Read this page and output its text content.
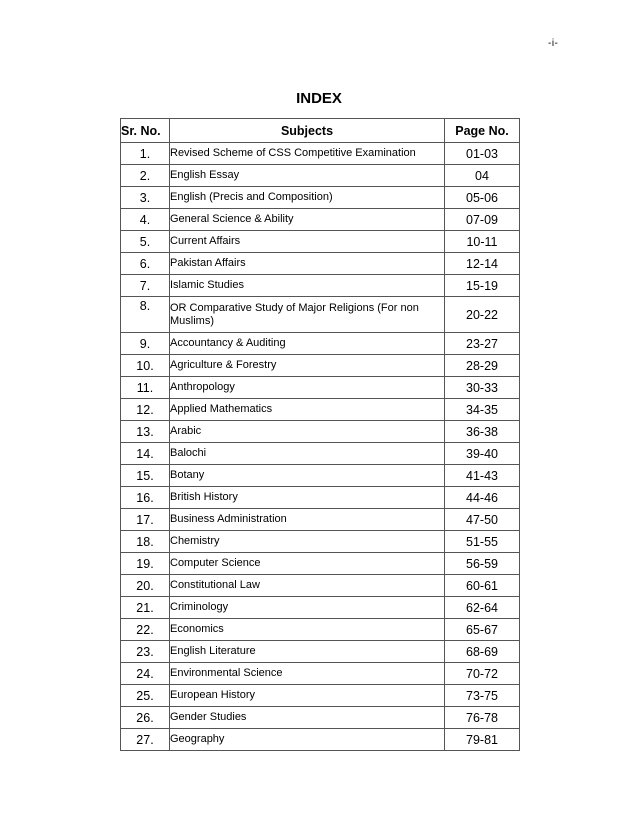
-i-
INDEX
Sr. No.	Subjects	Page No.
1.	Revised Scheme of CSS Competitive Examination	01-03
2.	English Essay	04
3.	English (Precis and Composition)	05-06
4.	General Science & Ability	07-09
5.	Current Affairs	10-11
6.	Pakistan Affairs	12-14
7.	Islamic Studies	15-19
8.	OR Comparative Study of Major Religions (For non Muslims)	20-22
9.	Accountancy & Auditing	23-27
10.	Agriculture & Forestry	28-29
11.	Anthropology	30-33
12.	Applied Mathematics	34-35
13.	Arabic	36-38
14.	Balochi	39-40
15.	Botany	41-43
16.	British History	44-46
17.	Business Administration	47-50
18.	Chemistry	51-55
19.	Computer Science	56-59
20.	Constitutional Law	60-61
21.	Criminology	62-64
22.	Economics	65-67
23.	English Literature	68-69
24.	Environmental Science	70-72
25.	European History	73-75
26.	Gender Studies	76-78
27.	Geography	79-81
